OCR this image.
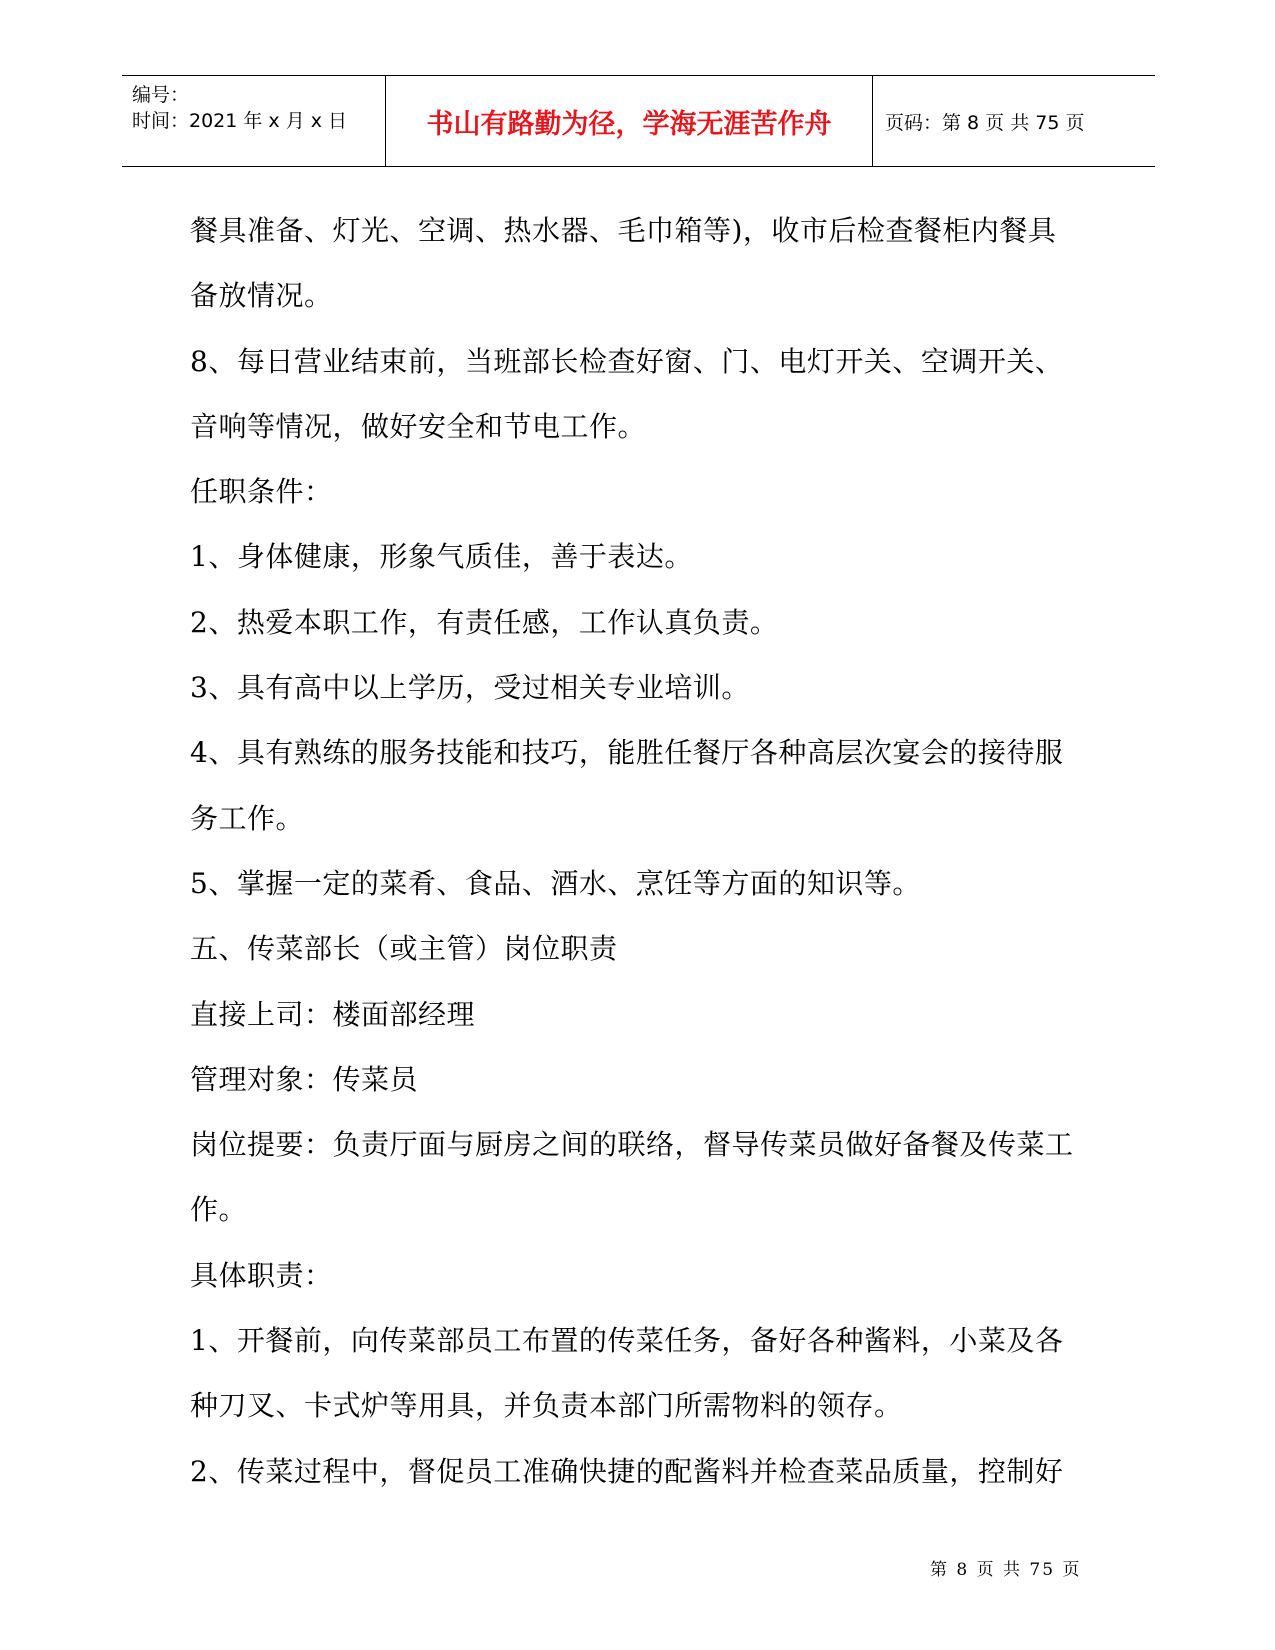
编号：
时间：2021 年 x 月 x 日	书山有路勤为径，学海无涯苦作舟	页码：第 8 页 共 75 页
餐具准备、灯光、空调、热水器、毛巾箱等)，收市后检查餐柜内餐具
备放情况。
8、每日营业结束前，当班部长检查好窗、门、电灯开关、空调开关、
音响等情况，做好安全和节电工作。
任职条件：
1、身体健康，形象气质佳，善于表达。
2、热爱本职工作，有责任感，工作认真负责。
3、具有高中以上学历，受过相关专业培训。
4、具有熟练的服务技能和技巧，能胜任餐厅各种高层次宴会的接待服
务工作。
5、掌握一定的菜肴、食品、酒水、烹饪等方面的知识等。
五、传菜部长（或主管）岗位职责
直接上司：楼面部经理
管理对象：传菜员
岗位提要：负责厅面与厨房之间的联络，督导传菜员做好备餐及传菜工
作。
具体职责：
1、开餐前，向传菜部员工布置的传菜任务，备好各种酱料，小菜及各
种刀叉、卡式炉等用具，并负责本部门所需物料的领存。
2、传菜过程中，督促员工准确快捷的配酱料并检查菜品质量，控制好
第 8 页 共 75 页
